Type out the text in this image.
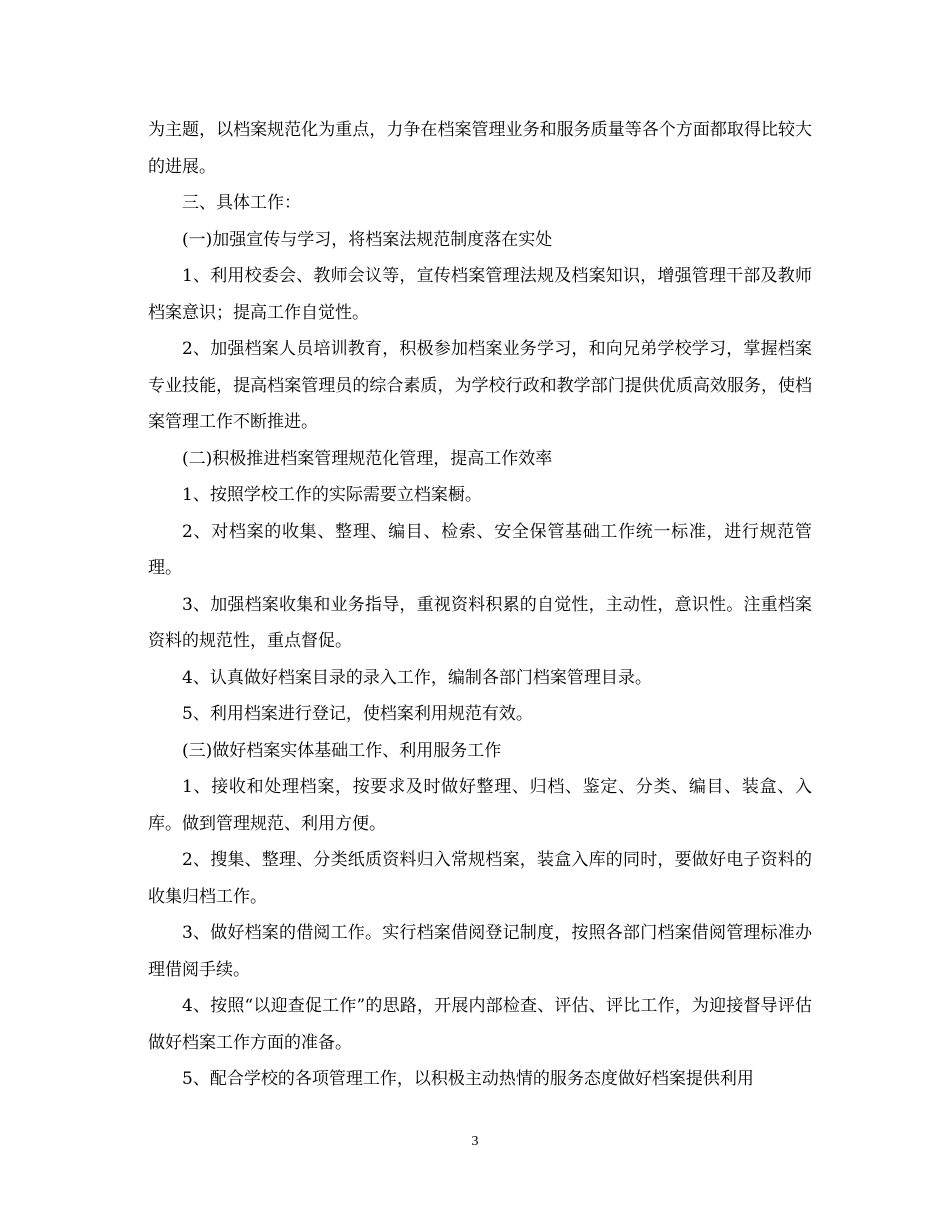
为主题，以档案规范化为重点，力争在档案管理业务和服务质量等各个方面都取得比较大的进展。

三、具体工作：

(一)加强宣传与学习，将档案法规范制度落在实处

1、利用校委会、教师会议等，宣传档案管理法规及档案知识，增强管理干部及教师档案意识；提高工作自觉性。

2、加强档案人员培训教育，积极参加档案业务学习，和向兄弟学校学习，掌握档案专业技能，提高档案管理员的综合素质，为学校行政和教学部门提供优质高效服务，使档案管理工作不断推进。

(二)积极推进档案管理规范化管理，提高工作效率

1、按照学校工作的实际需要立档案橱。

2、对档案的收集、整理、编目、检索、安全保管基础工作统一标准，进行规范管理。

3、加强档案收集和业务指导，重视资料积累的自觉性，主动性，意识性。注重档案资料的规范性，重点督促。

4、认真做好档案目录的录入工作，编制各部门档案管理目录。

5、利用档案进行登记，使档案利用规范有效。

(三)做好档案实体基础工作、利用服务工作

1、接收和处理档案，按要求及时做好整理、归档、鉴定、分类、编目、装盒、入库。做到管理规范、利用方便。

2、搜集、整理、分类纸质资料归入常规档案，装盒入库的同时，要做好电子资料的收集归档工作。

3、做好档案的借阅工作。实行档案借阅登记制度，按照各部门档案借阅管理标准办理借阅手续。

4、按照“以迎查促工作”的思路，开展内部检查、评估、评比工作，为迎接督导评估做好档案工作方面的准备。

5、配合学校的各项管理工作，以积极主动热情的服务态度做好档案提供利用

3
